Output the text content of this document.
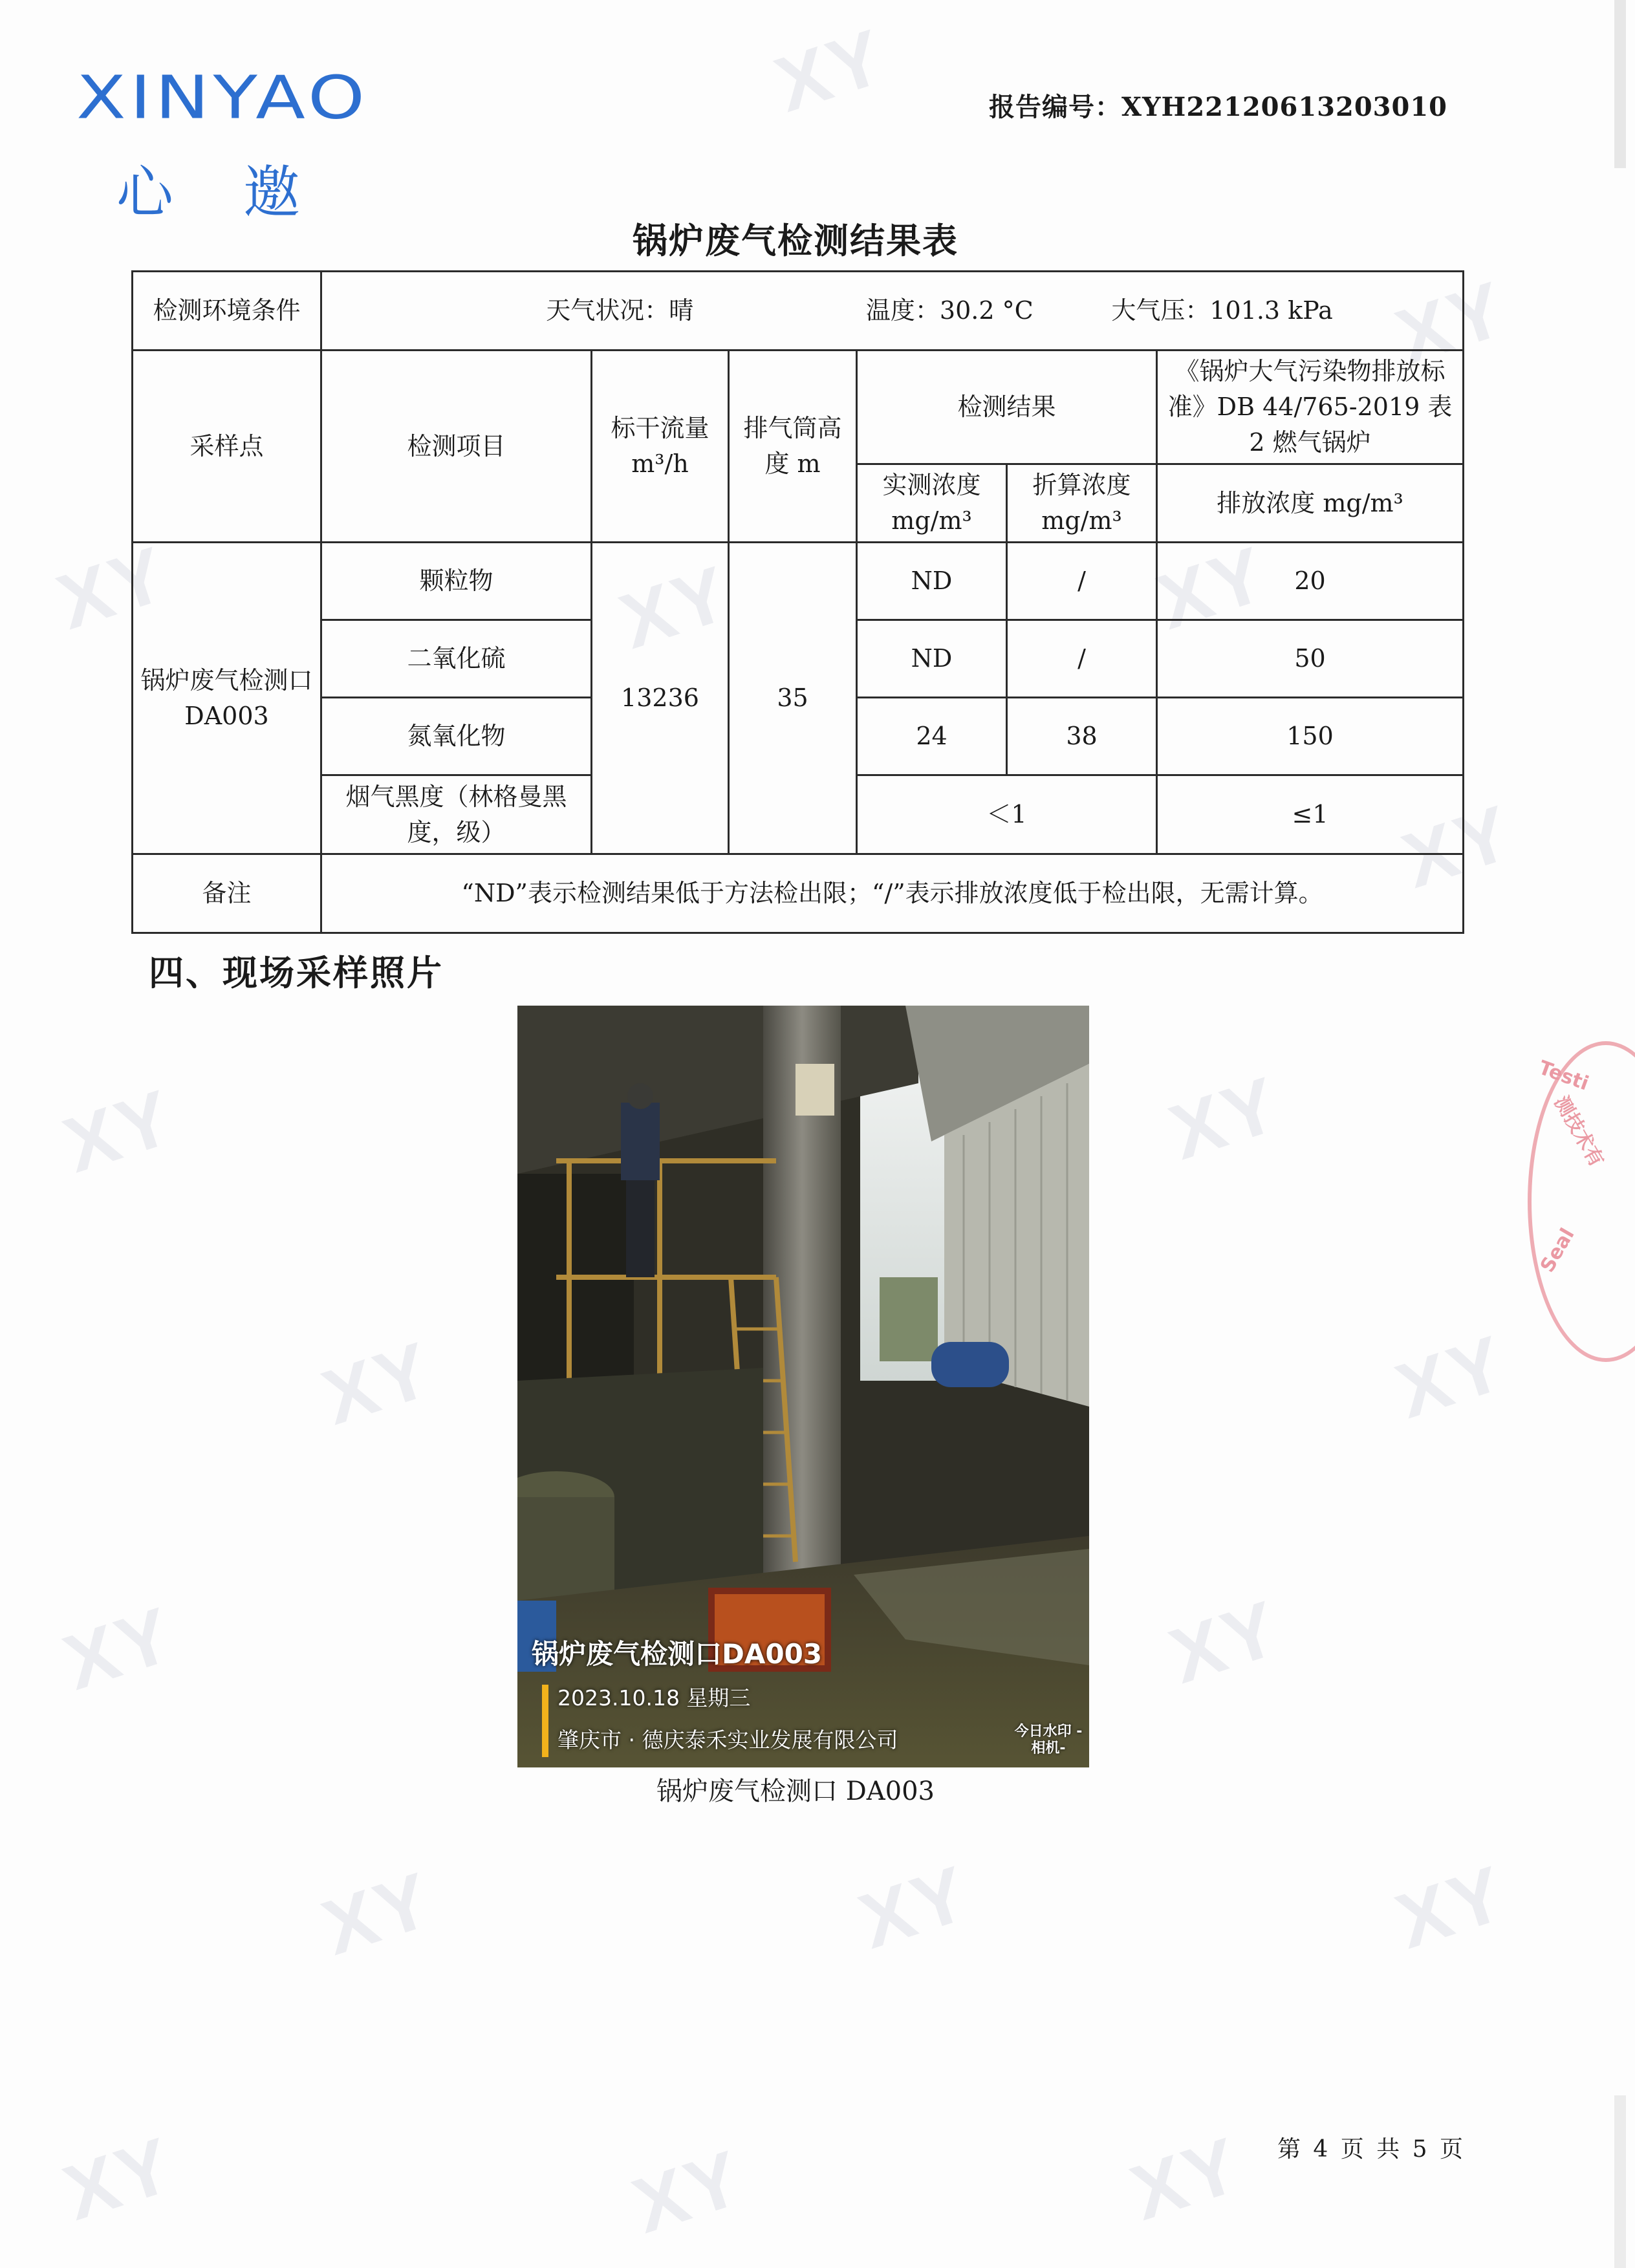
XY
XY
XY	XY	XY
XY
XY	XY
XY	XY
XY	XY
XY	XY	XY
XY	XY	XY
XINYAO
心 邀
报告编号：XYH22120613203010
锅炉废气检测结果表
检测环境条件	天气状况：晴 温度：30.2 °C 大气压：101.3 kPa					
采样点	检测项目	标干流量m³/h	排气筒高度 m	检测结果		《锅炉大气污染物排放标准》DB 44/765-2019 表 2 燃气锅炉
				实测浓度 mg/m³	折算浓度 mg/m³	排放浓度 mg/m³
锅炉废气检测口DA003	颗粒物	13236	35	ND	/	20
	二氧化硫			ND	/	50
	氮氧化物			24	38	150
	烟气黑度（林格曼黑度，级）			＜1		≤1
备注	“ND”表示检测结果低于方法检出限；“/”表示排放浓度低于检出限，无需计算。					
四、现场采样照片
锅炉废气检测口DA003
2023.10.18 星期三
肇庆市 · 德庆泰禾实业发展有限公司	今日水印 -相机-
锅炉废气检测口 DA003
Testi
测技术有
Seal
第 4 页 共 5 页
